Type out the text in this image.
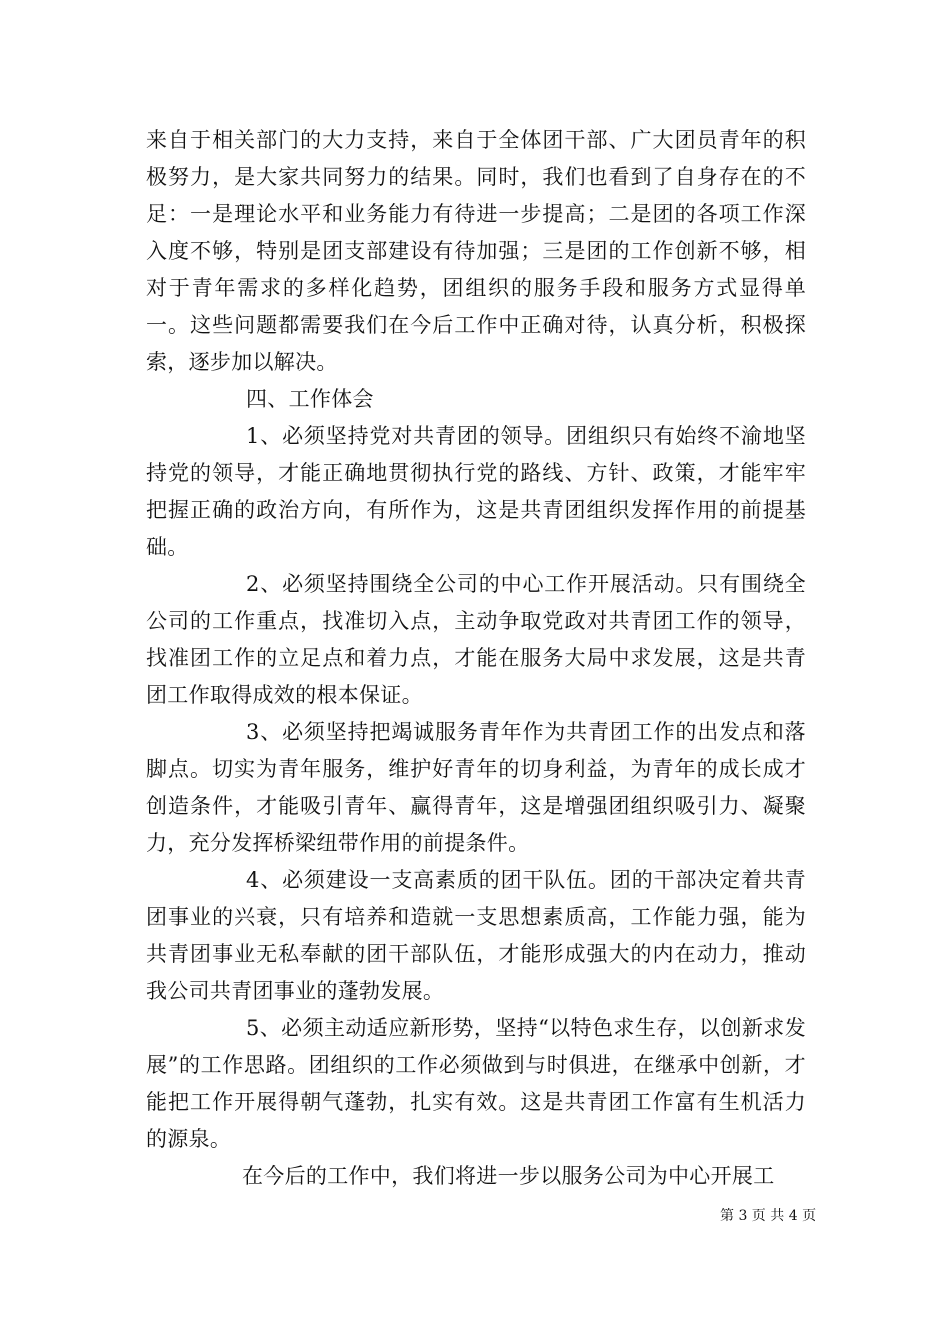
来自于相关部门的大力支持，来自于全体团干部、广大团员青年的积极努力，是大家共同努力的结果。同时，我们也看到了自身存在的不足：一是理论水平和业务能力有待进一步提高；二是团的各项工作深入度不够，特别是团支部建设有待加强；三是团的工作创新不够，相对于青年需求的多样化趋势，团组织的服务手段和服务方式显得单一。这些问题都需要我们在今后工作中正确对待，认真分析，积极探索，逐步加以解决。

四、工作体会

1、必须坚持党对共青团的领导。团组织只有始终不渝地坚持党的领导，才能正确地贯彻执行党的路线、方针、政策，才能牢牢把握正确的政治方向，有所作为，这是共青团组织发挥作用的前提基础。

2、必须坚持围绕全公司的中心工作开展活动。只有围绕全公司的工作重点，找准切入点，主动争取党政对共青团工作的领导，找准团工作的立足点和着力点，才能在服务大局中求发展，这是共青团工作取得成效的根本保证。

3、必须坚持把竭诚服务青年作为共青团工作的出发点和落脚点。切实为青年服务，维护好青年的切身利益，为青年的成长成才创造条件，才能吸引青年、赢得青年，这是增强团组织吸引力、凝聚力，充分发挥桥梁纽带作用的前提条件。

4、必须建设一支高素质的团干队伍。团的干部决定着共青团事业的兴衰，只有培养和造就一支思想素质高，工作能力强，能为共青团事业无私奉献的团干部队伍，才能形成强大的内在动力，推动我公司共青团事业的蓬勃发展。

5、必须主动适应新形势，坚持“以特色求生存，以创新求发展”的工作思路。团组织的工作必须做到与时俱进，在继承中创新，才能把工作开展得朝气蓬勃，扎实有效。这是共青团工作富有生机活力的源泉。

在今后的工作中，我们将进一步以服务公司为中心开展工

第 3 页 共 4 页
